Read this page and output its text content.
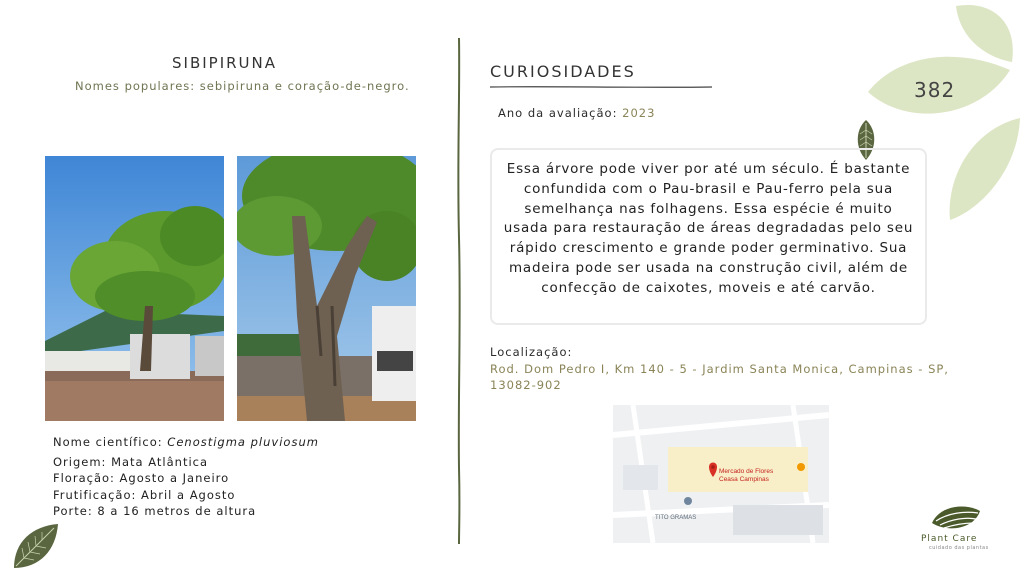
382
SIBIPIRUNA
Nomes populares: sebipiruna e coração-de-negro.
Nome científico: Cenostigma pluviosum
Origem: Mata Atlântica
Floração: Agosto a Janeiro
Frutificação: Abril a Agosto
Porte: 8 a 16 metros de altura
CURIOSIDADES
Ano da avaliação: 2023
Essa árvore pode viver por até um século. É bastante confundida com o Pau-brasil e Pau-ferro pela sua semelhança nas folhagens. Essa espécie é muito usada para restauração de áreas degradadas pelo seu rápido crescimento e grande poder germinativo. Sua madeira pode ser usada na construção civil, além de confecção de caixotes, moveis e até carvão.
Localização:
Rod. Dom Pedro I, Km 140 - 5 - Jardim Santa Monica, Campinas - SP, 13082-902
Mercado de Flores
Ceasa Campinas
TITO GRAMAS
Plant Care
cuidado das plantas
